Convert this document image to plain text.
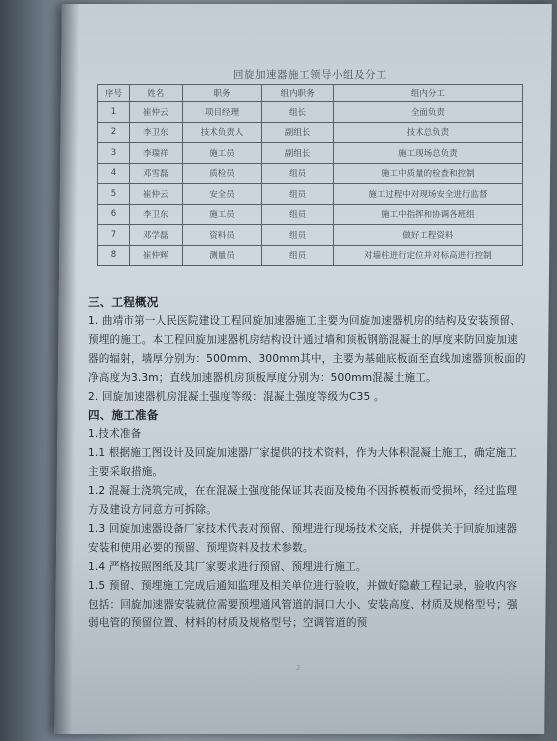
回旋加速器施工领导小组及分工
序号	姓名	职务	组内职务	组内分工
1	崔仲云	项目经理	组长	全面负责
2	李卫东	技术负责人	副组长	技术总负责
3	李瑞祥	施工员	副组长	施工现场总负责
4	邓雪磊	质检员	组员	施工中质量的检查和控制
5	崔仲云	安全员	组员	施工过程中对现场安全进行监督
6	李卫东	施工员	组员	施工中指挥和协调各班组
7	邓学磊	资料员	组员	做好工程资料
8	崔仲辉	测量员	组员	对墙柱进行定位并对标高进行控制

三、工程概况

1. 曲靖市第一人民医院建设工程回旋加速器施工主要为回旋加速器机房的结构及安装预留、预埋的施工。本工程回旋加速器机房结构设计通过墙和顶板钢筋混凝土的厚度来防回旋加速器的辐射，墙厚分别为：500mm、300mm其中，主要为基础底板面至直线加速器顶板面的净高度为3.3m；直线加速器机房顶板厚度分别为：500mm混凝土施工。

2. 回旋加速器机房混凝土强度等级：混凝土强度等级为C35 。

四、施工准备

1.技术准备

1.1 根据施工图设计及回旋加速器厂家提供的技术资料，作为大体积混凝土施工，确定施工主要采取措施。

1.2 混凝土浇筑完成，在在混凝土强度能保证其表面及棱角不因拆模板而受损坏，经过监理方及建设方同意方可拆除。

1.3 回旋加速器设备厂家技术代表对预留、预埋进行现场技术交底，并提供关于回旋加速器安装和使用必要的预留、预埋资料及技术参数。

1.4 严格按照图纸及其厂家要求进行预留、预埋进行施工。

1.5 预留、预埋施工完成后通知监理及相关单位进行验收，并做好隐蔽工程记录，验收内容包括：回旋加速器安装就位需要预埋通风管道的洞口大小、安装高度、材质及规格型号；强弱电管的预留位置、材料的材质及规格型号；空调管道的预

2
